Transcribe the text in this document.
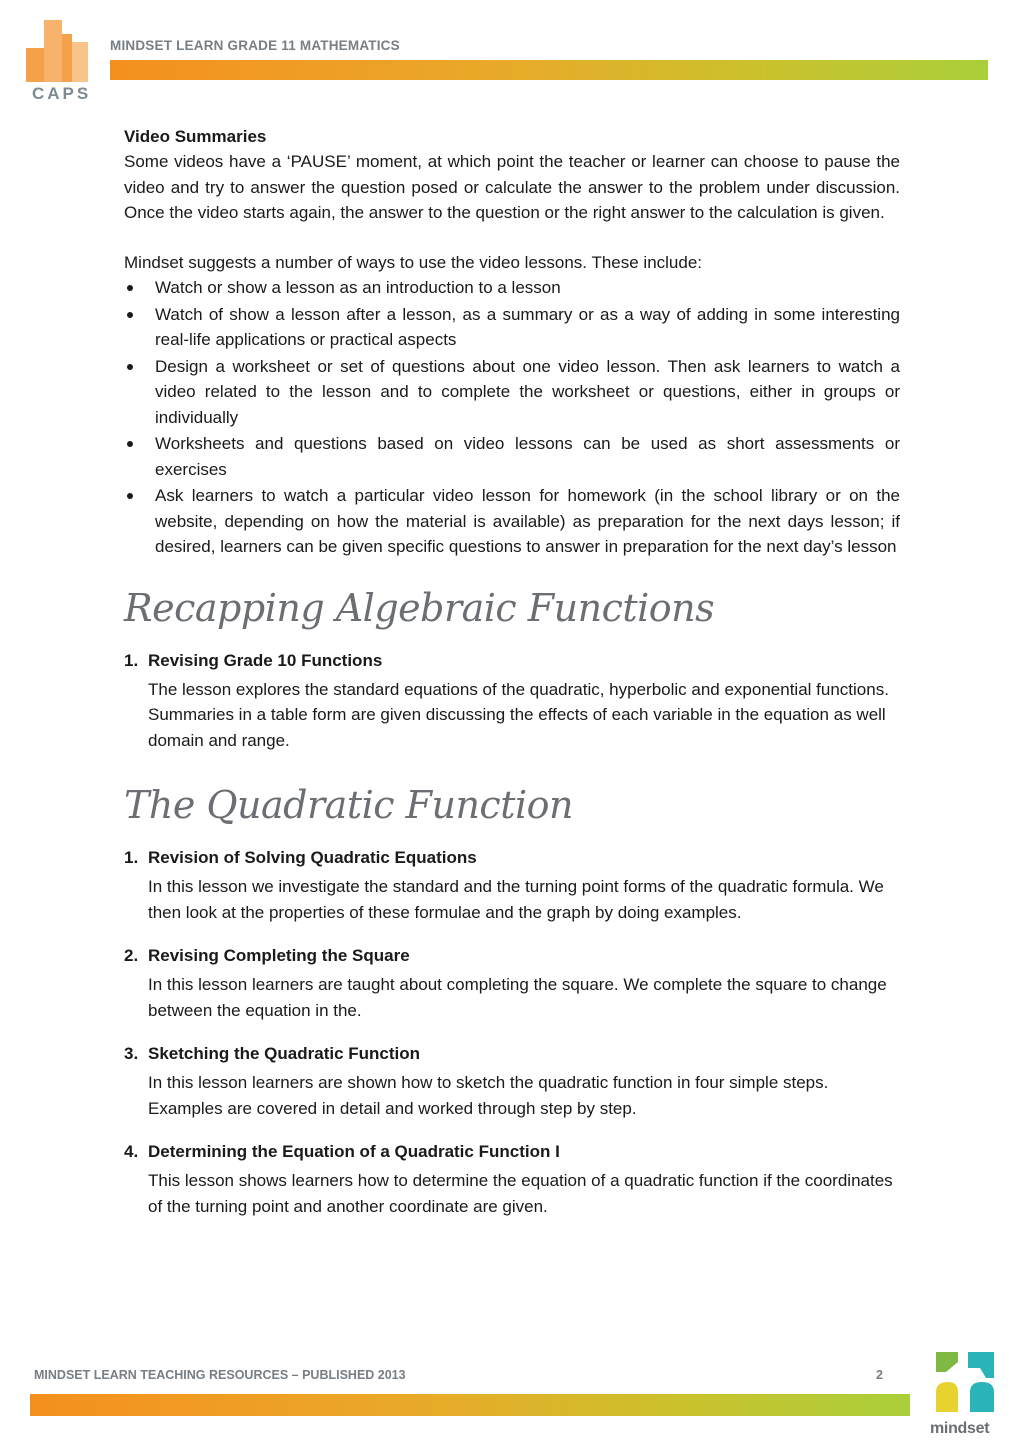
CAPS
MINDSET LEARN GRADE 11 MATHEMATICS

Video Summaries

Some videos have a ‘PAUSE’ moment, at which point the teacher or learner can choose to pause the video and try to answer the question posed or calculate the answer to the problem under discussion. Once the video starts again, the answer to the question or the right answer to the calculation is given.

Mindset suggests a number of ways to use the video lessons. These include:

Watch or show a lesson as an introduction to a lesson
Watch of show a lesson after a lesson, as a summary or as a way of adding in some interesting real-life applications or practical aspects
Design a worksheet or set of questions about one video lesson. Then ask learners to watch a video related to the lesson and to complete the worksheet or questions, either in groups or individually
Worksheets and questions based on video lessons can be used as short assessments or exercises
Ask learners to watch a particular video lesson for homework (in the school library or on the website, depending on how the material is available) as preparation for the next days lesson; if desired, learners can be given specific questions to answer in preparation for the next day’s lesson
Recapping Algebraic Functions
1. Revising Grade 10 Functions
The lesson explores the standard equations of the quadratic, hyperbolic and exponential functions. Summaries in a table form are given discussing the effects of each variable in the equation as well domain and range.
The Quadratic Function
1. Revision of Solving Quadratic Equations
In this lesson we investigate the standard and the turning point forms of the quadratic formula. We then look at the properties of these formulae and the graph by doing examples.
2. Revising Completing the Square
In this lesson learners are taught about completing the square. We complete the square to change between the equation in the.
3. Sketching the Quadratic Function
In this lesson learners are shown how to sketch the quadratic function in four simple steps. Examples are covered in detail and worked through step by step.
4. Determining the Equation of a Quadratic Function I
This lesson shows learners how to determine the equation of a quadratic function if the coordinates of the turning point and another coordinate are given.
MINDSET LEARN TEACHING RESOURCES – PUBLISHED 2013	2
mindset
